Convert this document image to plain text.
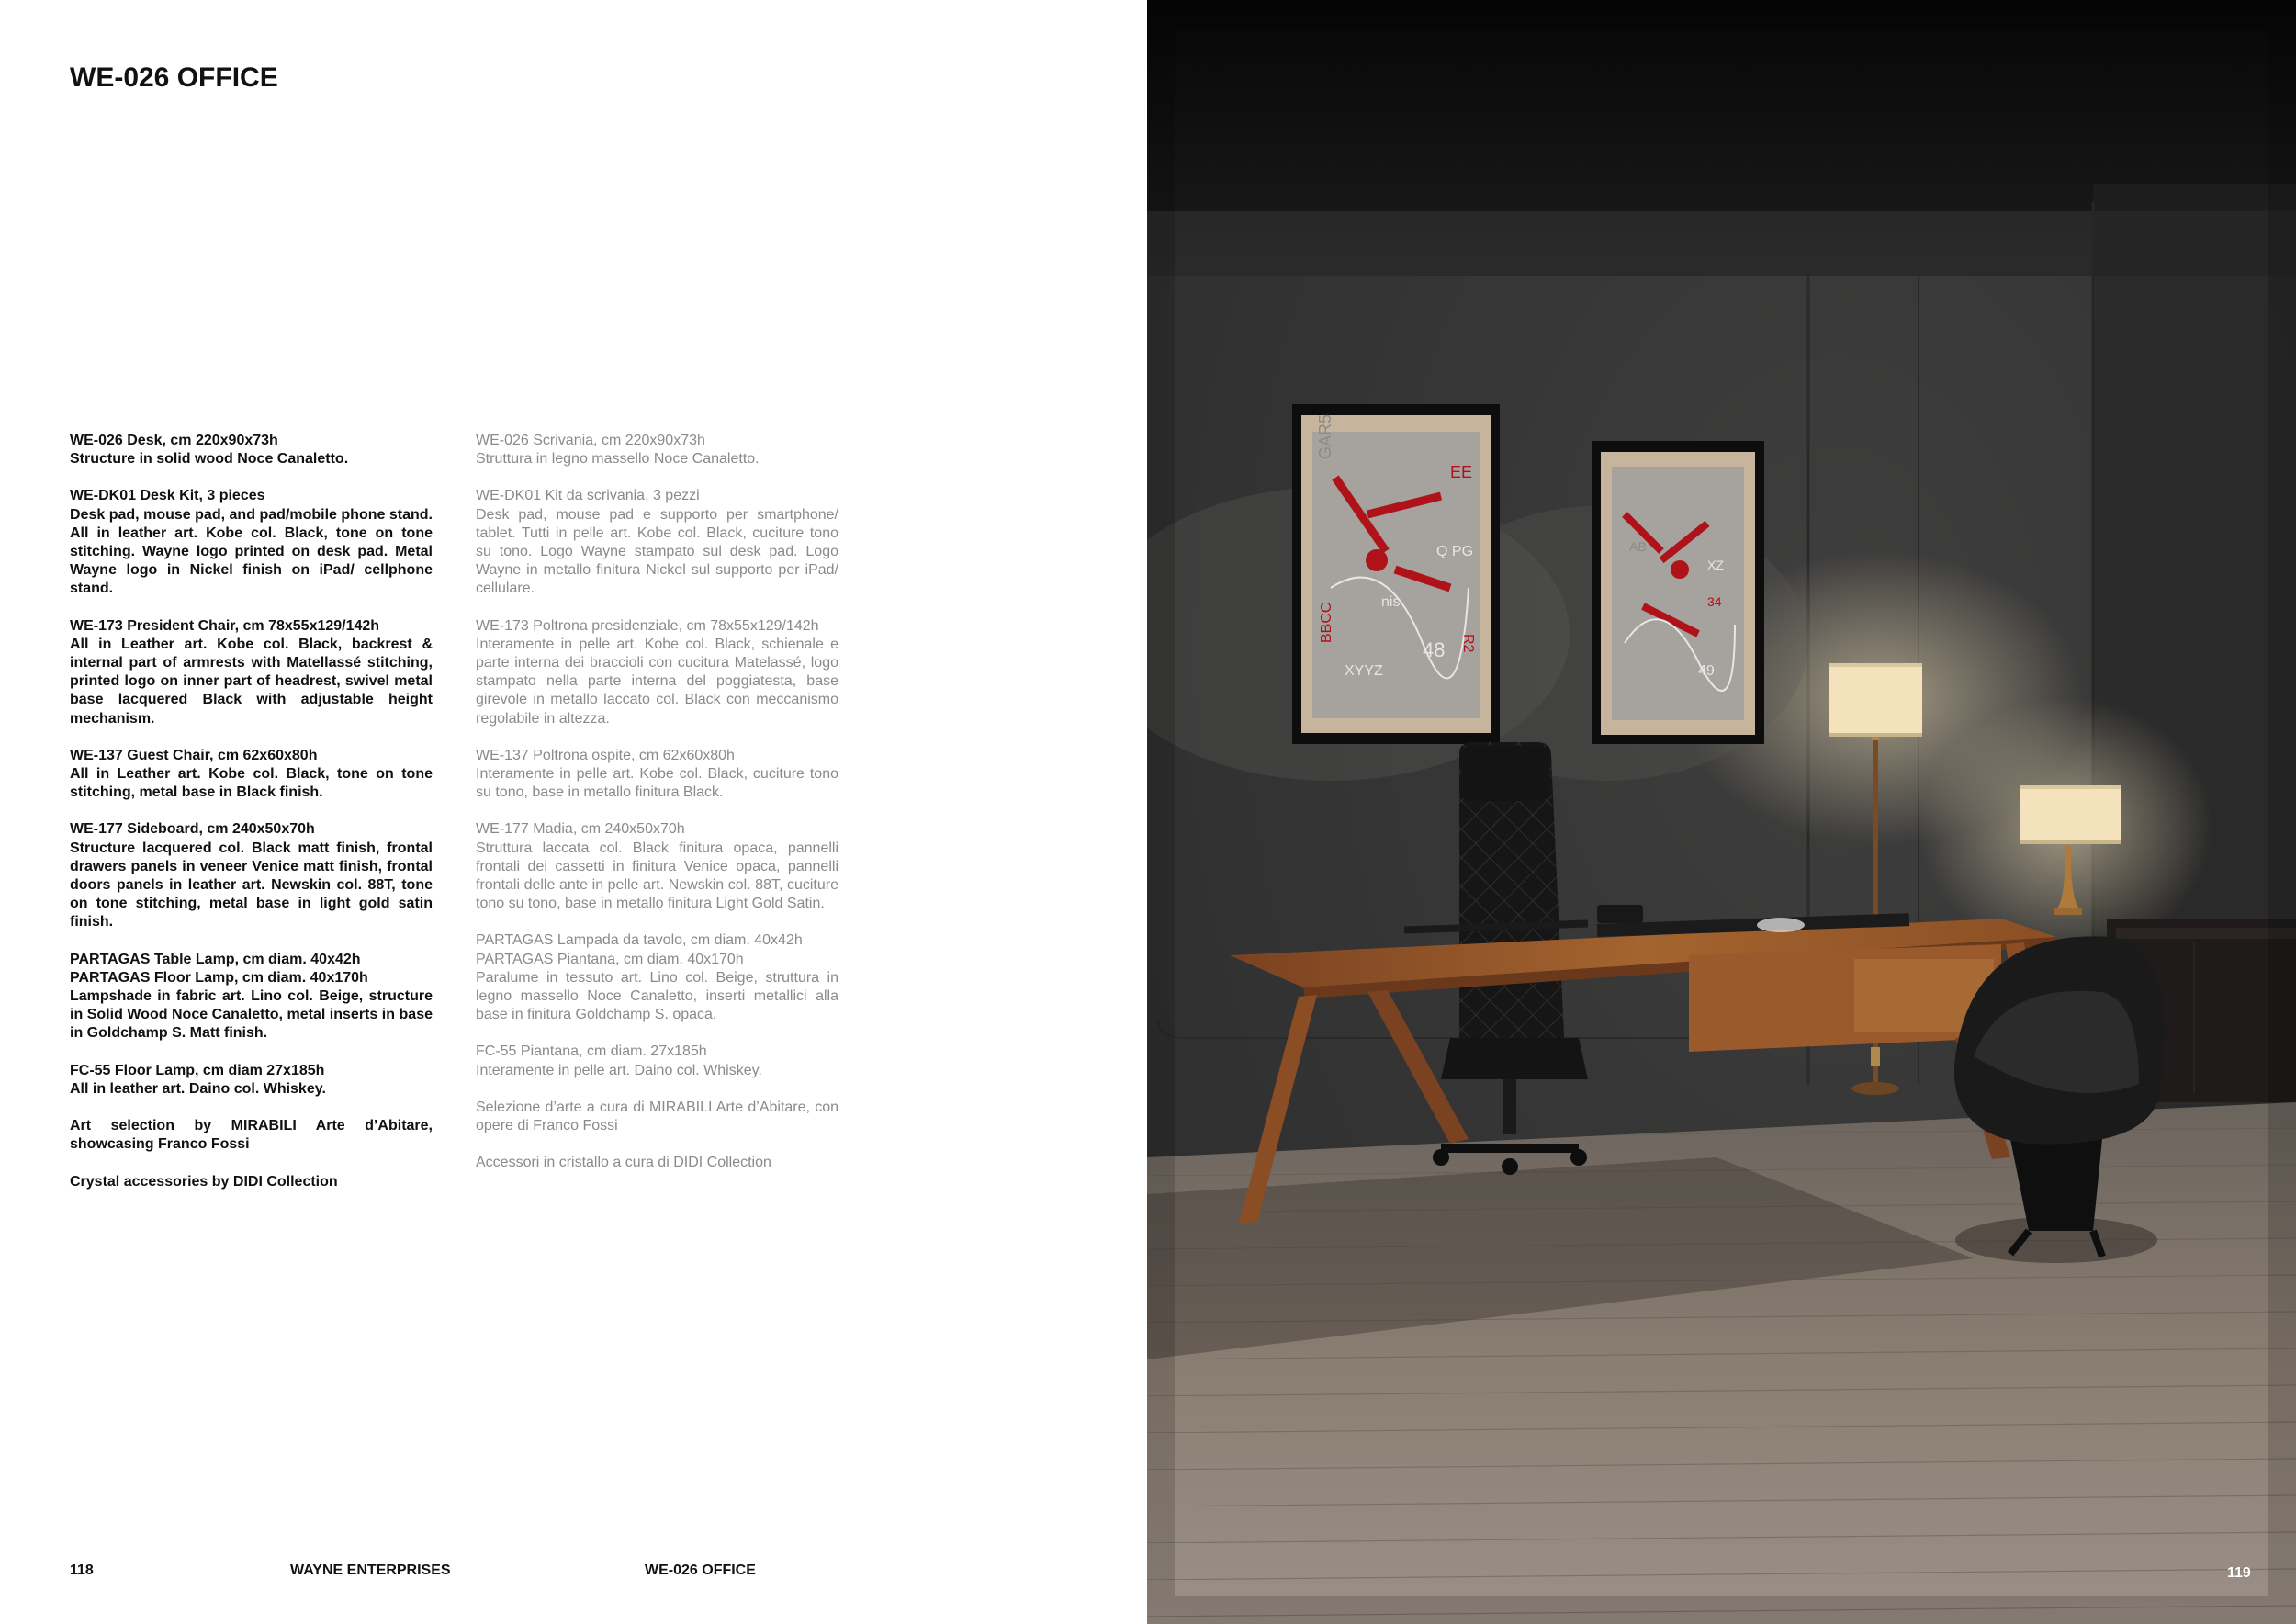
WE-026 OFFICE
WE-026 Desk, cm 220x90x73h

Structure in solid wood Noce Canaletto.

WE-DK01 Desk Kit, 3 pieces

Desk pad, mouse pad, and pad/mobile phone stand. All in leather art. Kobe col. Black, tone on tone stitching. Wayne logo printed on desk pad. Metal Wayne logo in Nickel finish on iPad/ cellphone stand.

WE-173 President Chair, cm 78x55x129/142h

All in Leather art. Kobe col. Black, backrest & internal part of armrests with Matellassé stitching, printed logo on inner part of headrest, swivel metal base lacquered Black with adjustable height mechanism.

WE-137 Guest Chair, cm 62x60x80h

All in Leather art. Kobe col. Black, tone on tone stitching, metal base in Black finish.

WE-177 Sideboard, cm 240x50x70h

Structure lacquered col. Black matt finish, frontal drawers panels in veneer Venice matt finish, frontal doors panels in leather art. Newskin col. 88T, tone on tone stitching, metal base in light gold satin finish.

PARTAGAS Table Lamp, cm diam. 40x42h
PARTAGAS Floor Lamp, cm diam. 40x170h

Lampshade in fabric art. Lino col. Beige, structure in Solid Wood Noce Canaletto, metal inserts in base in Goldchamp S. Matt finish.

FC-55 Floor Lamp, cm diam 27x185h

All in leather art. Daino col. Whiskey.

Art selection by MIRABILI Arte d’Abitare, showcasing Franco Fossi

Crystal accessories by DIDI Collection
WE-026 Scrivania, cm 220x90x73h

Struttura in legno massello Noce Canaletto.

WE-DK01 Kit da scrivania, 3 pezzi

Desk pad, mouse pad e supporto per smartphone/ tablet. Tutti in pelle art. Kobe col. Black, cuciture tono su tono. Logo Wayne stampato sul desk pad. Logo Wayne in metallo finitura Nickel sul supporto per iPad/ cellulare.

WE-173 Poltrona presidenziale, cm 78x55x129/142h

Interamente in pelle art. Kobe col. Black, schienale e parte interna dei braccioli con cucitura Matelassé, logo stampato nella parte interna del poggiatesta, base girevole in metallo laccato col. Black con meccanismo regolabile in altezza.

WE-137 Poltrona ospite, cm 62x60x80h

Interamente in pelle art. Kobe col. Black, cuciture tono su tono, base in metallo finitura Black.

WE-177 Madia, cm 240x50x70h

Struttura laccata col. Black finitura opaca, pannelli frontali dei cassetti in finitura Venice opaca, pannelli frontali delle ante in pelle art. Newskin col. 88T, cuciture tono su tono, base in metallo finitura Light Gold Satin.

PARTAGAS Lampada da tavolo, cm diam. 40x42h
PARTAGAS Piantana, cm diam. 40x170h

Paralume in tessuto art. Lino col. Beige, struttura in legno massello Noce Canaletto, inserti metallici alla base in finitura Goldchamp S. opaca.

FC-55 Piantana, cm diam. 27x185h

Interamente in pelle art. Daino col. Whiskey.

Selezione d’arte a cura di MIRABILI Arte d’Abitare, con opere di Franco Fossi

Accessori in cristallo a cura di DIDI Collection
118	WAYNE ENTERPRISES	WE-026 OFFICE
GAR5
EE
Q PG
nis
XYYZ
48
BBCC
R2
XZ
49
AB
34
119
